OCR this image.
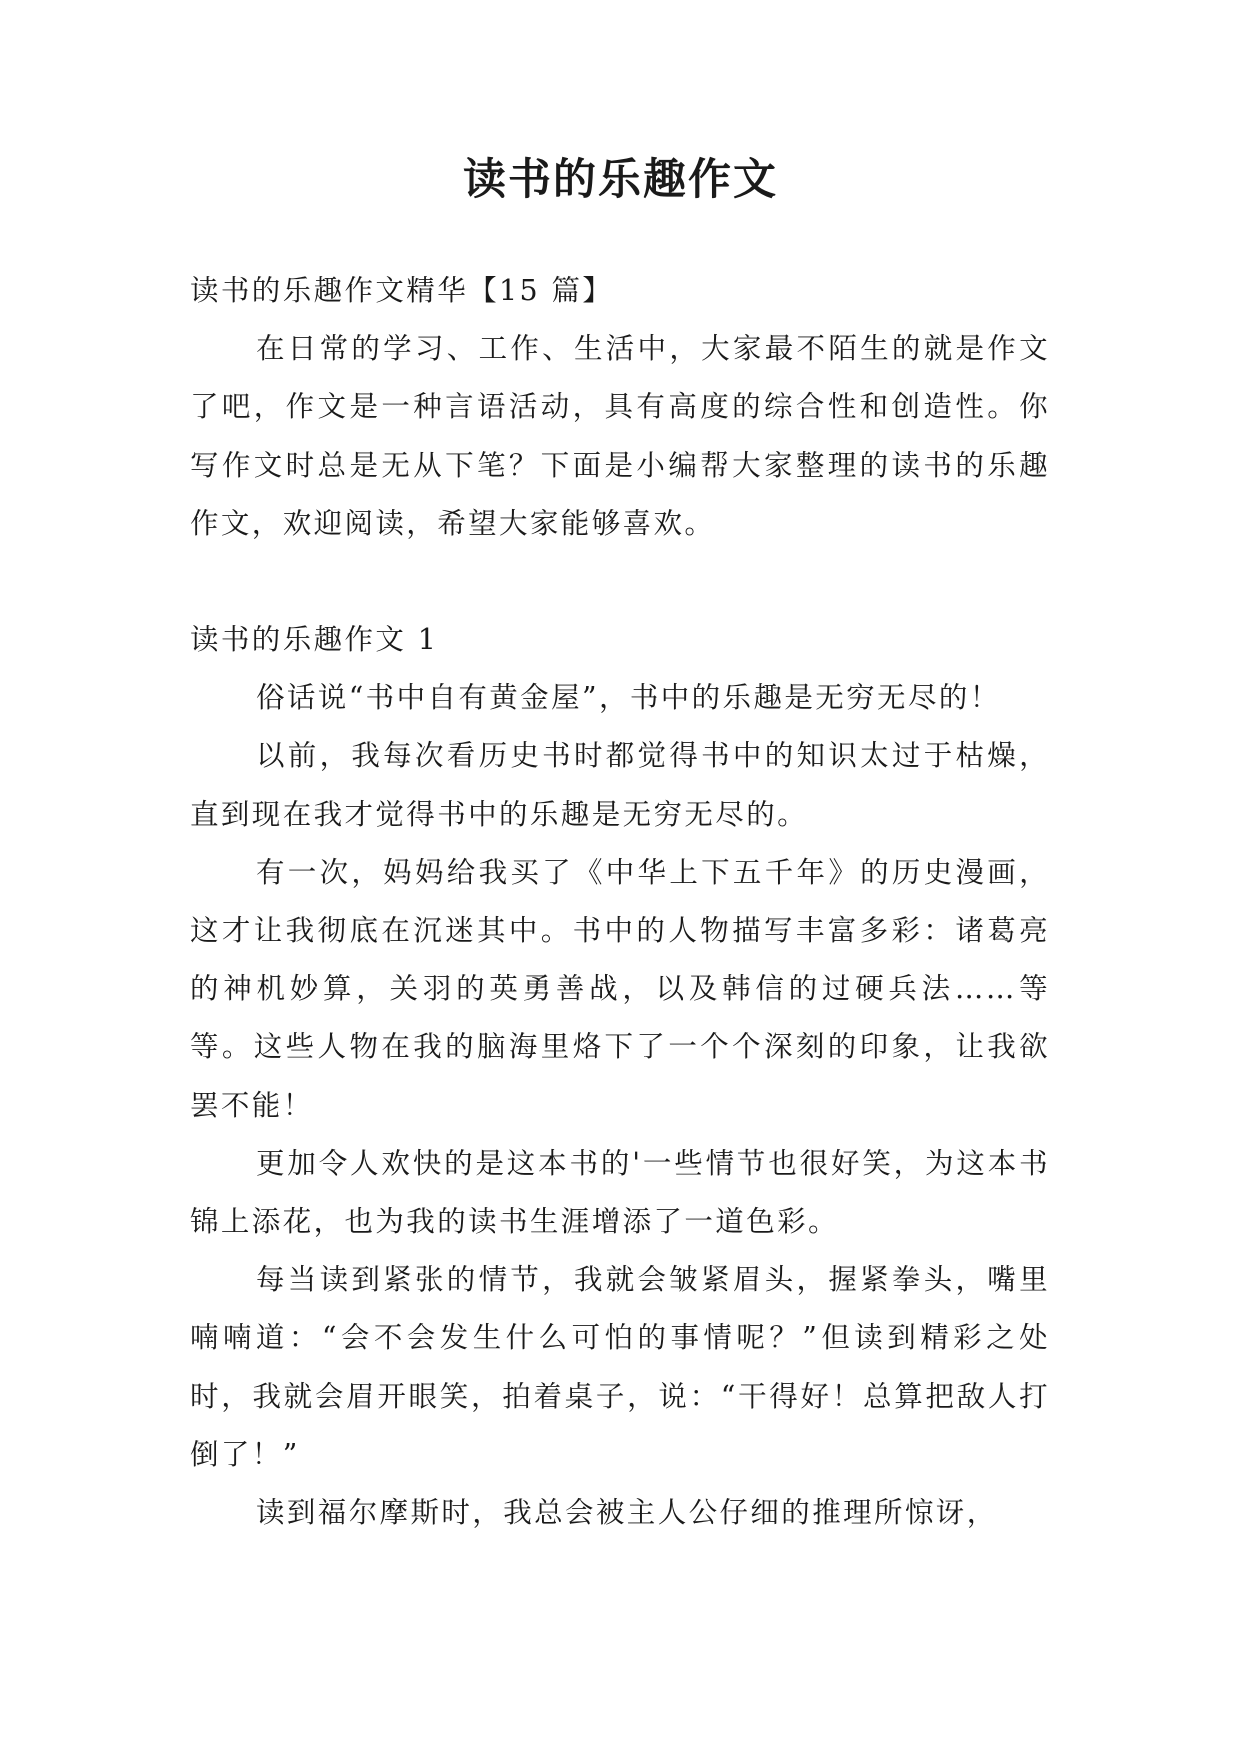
读书的乐趣作文

读书的乐趣作文精华【15 篇】

在日常的学习、工作、生活中，大家最不陌生的就是作文了吧，作文是一种言语活动，具有高度的综合性和创造性。你写作文时总是无从下笔？下面是小编帮大家整理的读书的乐趣作文，欢迎阅读，希望大家能够喜欢。

读书的乐趣作文 1

俗话说“书中自有黄金屋”，书中的乐趣是无穷无尽的！

以前，我每次看历史书时都觉得书中的知识太过于枯燥，直到现在我才觉得书中的乐趣是无穷无尽的。

有一次，妈妈给我买了《中华上下五千年》的历史漫画，这才让我彻底在沉迷其中。书中的人物描写丰富多彩：诸葛亮的神机妙算，关羽的英勇善战，以及韩信的过硬兵法……等等。这些人物在我的脑海里烙下了一个个深刻的印象，让我欲罢不能！

更加令人欢快的是这本书的'一些情节也很好笑，为这本书锦上添花，也为我的读书生涯增添了一道色彩。

每当读到紧张的情节，我就会皱紧眉头，握紧拳头，嘴里喃喃道：“会不会发生什么可怕的事情呢？”但读到精彩之处时，我就会眉开眼笑，拍着桌子，说：“干得好！总算把敌人打倒了！”

读到福尔摩斯时，我总会被主人公仔细的推理所惊讶，
